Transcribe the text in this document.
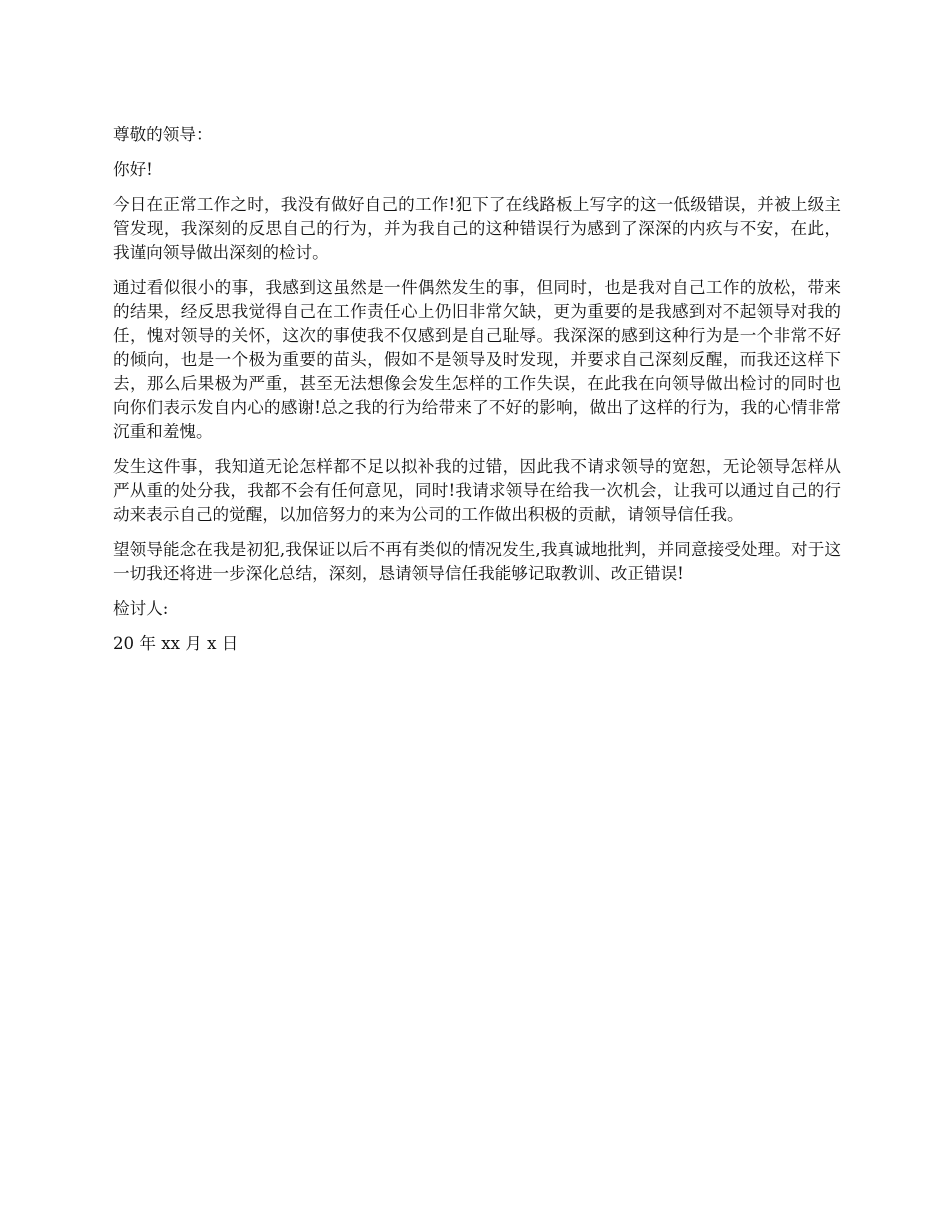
尊敬的领导：

你好!

今日在正常工作之时，我没有做好自己的工作!犯下了在线路板上写字的这一低级错误，并被上级主管发现，我深刻的反思自己的行为，并为我自己的这种错误行为感到了深深的内疚与不安，在此，我谨向领导做出深刻的检讨。

通过看似很小的事，我感到这虽然是一件偶然发生的事，但同时，也是我对自己工作的放松，带来的结果，经反思我觉得自己在工作责任心上仍旧非常欠缺，更为重要的是我感到对不起领导对我的任，愧对领导的关怀，这次的事使我不仅感到是自己耻辱。我深深的感到这种行为是一个非常不好的倾向，也是一个极为重要的苗头，假如不是领导及时发现，并要求自己深刻反醒，而我还这样下去，那么后果极为严重，甚至无法想像会发生怎样的工作失误，在此我在向领导做出检讨的同时也向你们表示发自内心的感谢!总之我的行为给带来了不好的影响，做出了这样的行为，我的心情非常沉重和羞愧。

发生这件事，我知道无论怎样都不足以拟补我的过错，因此我不请求领导的宽恕，无论领导怎样从严从重的处分我，我都不会有任何意见，同时!我请求领导在给我一次机会，让我可以通过自己的行动来表示自己的觉醒，以加倍努力的来为公司的工作做出积极的贡献，请领导信任我。

望领导能念在我是初犯,我保证以后不再有类似的情况发生,我真诚地批判，并同意接受处理。对于这一切我还将进一步深化总结，深刻，恳请领导信任我能够记取教训、改正错误!

检讨人:

20 年 xx 月 x 日
